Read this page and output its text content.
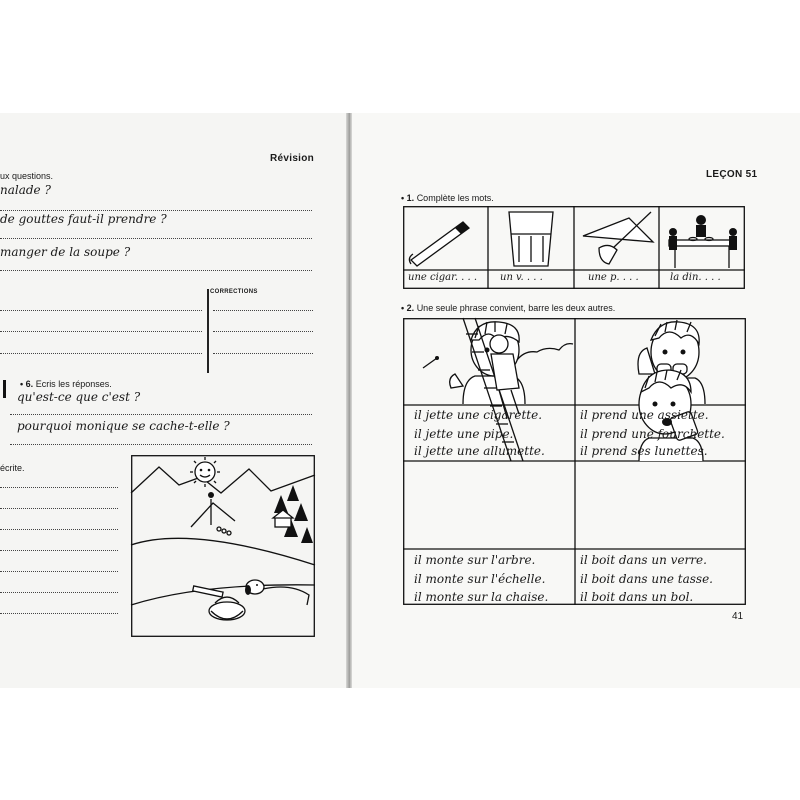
Révision
ux questions.
nalade ?
de gouttes faut-il prendre ?
manger de la soupe ?
CORRECTIONS
• 6. Ecris les réponses.
qu'est-ce que c'est ?
pourquoi monique se cache-t-elle ?
écrite.
LEÇON 51
• 1. Complète les mots.
une cigar. . . . un v. . . .	une p. . . .	la din. . . .
• 2. Une seule phrase convient, barre les deux autres.
il jette une cigarette.
il jette une pipe.
il jette une allumette.
il prend une assiette.
il prend une fourchette.
il prend ses lunettes.
il monte sur l'arbre.
il monte sur l'échelle.
il monte sur la chaise.
il boit dans un verre.
il boit dans une tasse.
il boit dans un bol.
41
